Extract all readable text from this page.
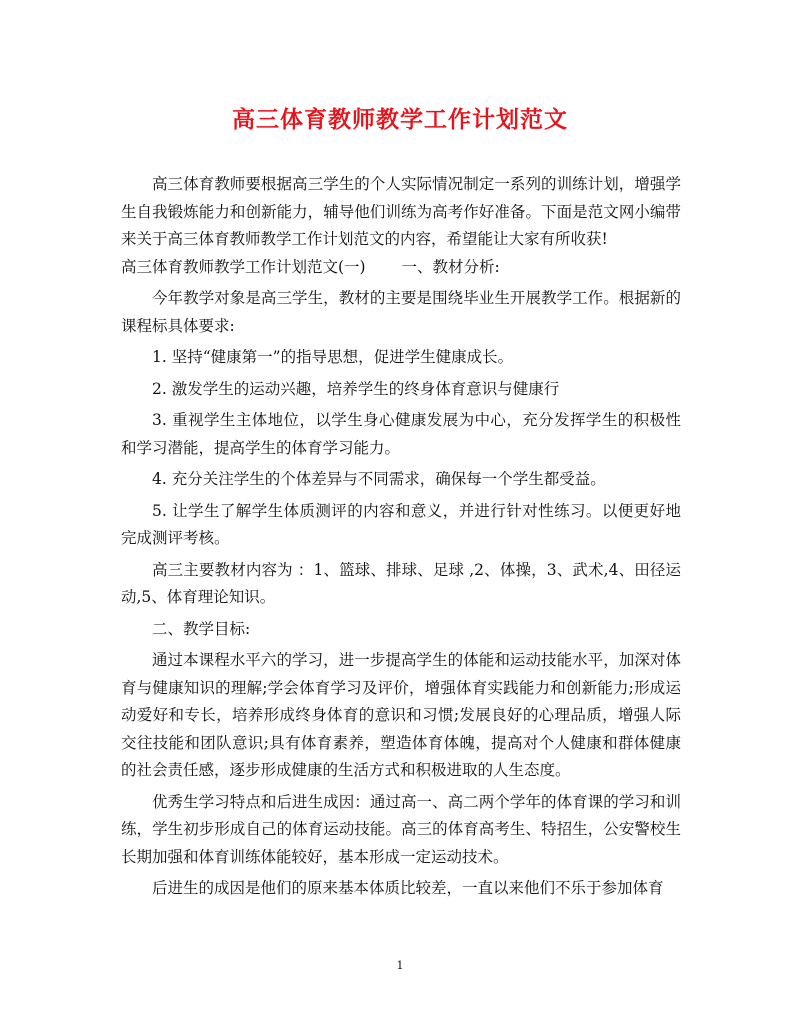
高三体育教师教学工作计划范文

高三体育教师要根据高三学生的个人实际情况制定一系列的训练计划，增强学生自我锻炼能力和创新能力，辅导他们训练为高考作好准备。下面是范文网小编带来关于高三体育教师教学工作计划范文的内容，希望能让大家有所收获!

高三体育教师教学工作计划范文(一)　　 一、教材分析:

今年教学对象是高三学生，教材的主要是围绕毕业生开展教学工作。根据新的课程标具体要求:

1. 坚持“健康第一”的指导思想，促进学生健康成长。

2. 激发学生的运动兴趣，培养学生的终身体育意识与健康行

3. 重视学生主体地位，以学生身心健康发展为中心，充分发挥学生的积极性和学习潜能，提高学生的体育学习能力。

4. 充分关注学生的个体差异与不同需求，确保每一个学生都受益。

5. 让学生了解学生体质测评的内容和意义，并进行针对性练习。以便更好地完成测评考核。

高三主要教材内容为 ：1、篮球、排球、足球 ,2、体操，3、武术,4、田径运动,5、体育理论知识。

二、教学目标:

通过本课程水平六的学习，进一步提高学生的体能和运动技能水平，加深对体育与健康知识的理解;学会体育学习及评价，增强体育实践能力和创新能力;形成运动爱好和专长，培养形成终身体育的意识和习惯;发展良好的心理品质，增强人际交往技能和团队意识;具有体育素养，塑造体育体魄，提高对个人健康和群体健康的社会责任感，逐步形成健康的生活方式和积极进取的人生态度。

优秀生学习特点和后进生成因：通过高一、高二两个学年的体育课的学习和训练，学生初步形成自己的体育运动技能。高三的体育高考生、特招生，公安警校生长期加强和体育训练体能较好，基本形成一定运动技术。

后进生的成因是他们的原来基本体质比较差，一直以来他们不乐于参加体育

1
